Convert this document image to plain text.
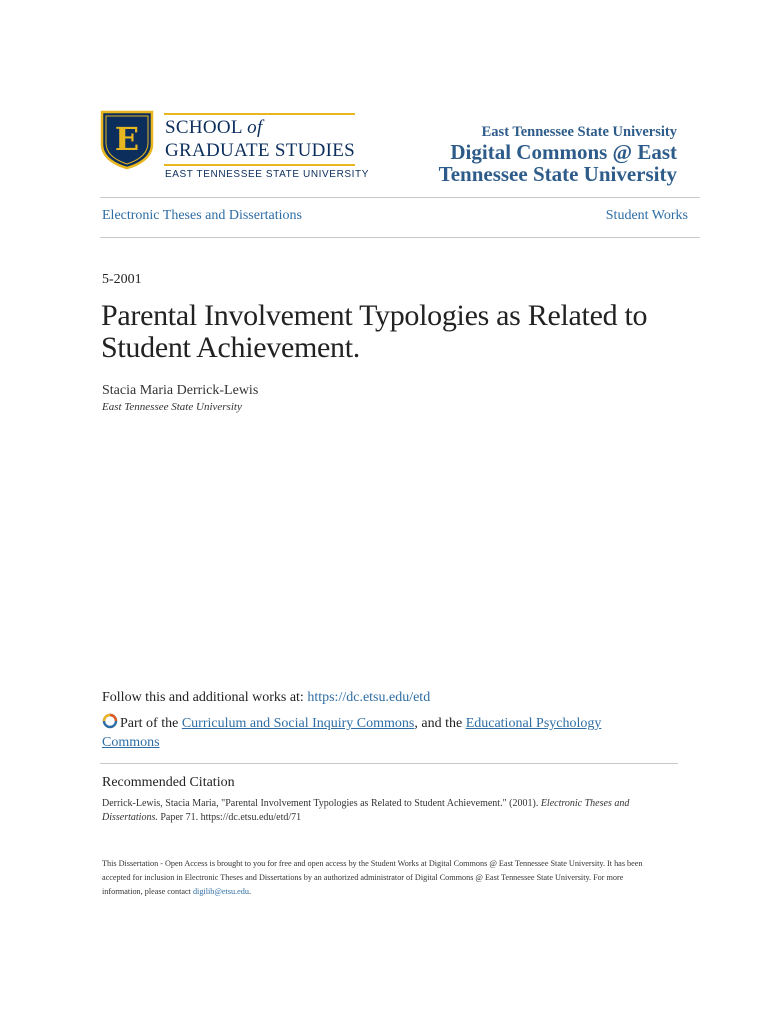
E SCHOOL of
GRADUATE STUDIES
EAST TENNESSEE STATE UNIVERSITY
East Tennessee State University
Digital Commons @ East
Tennessee State University
Electronic Theses and Dissertations	Student Works
5-2001
Parental Involvement Typologies as Related to Student Achievement.
Stacia Maria Derrick-Lewis
East Tennessee State University
Follow this and additional works at: https://dc.etsu.edu/etd
Part of the Curriculum and Social Inquiry Commons, and the Educational Psychology Commons
Recommended Citation
Derrick-Lewis, Stacia Maria, "Parental Involvement Typologies as Related to Student Achievement." (2001). Electronic Theses and Dissertations. Paper 71. https://dc.etsu.edu/etd/71
This Dissertation - Open Access is brought to you for free and open access by the Student Works at Digital Commons @ East Tennessee State University. It has been accepted for inclusion in Electronic Theses and Dissertations by an authorized administrator of Digital Commons @ East Tennessee State University. For more information, please contact digilib@etsu.edu.
